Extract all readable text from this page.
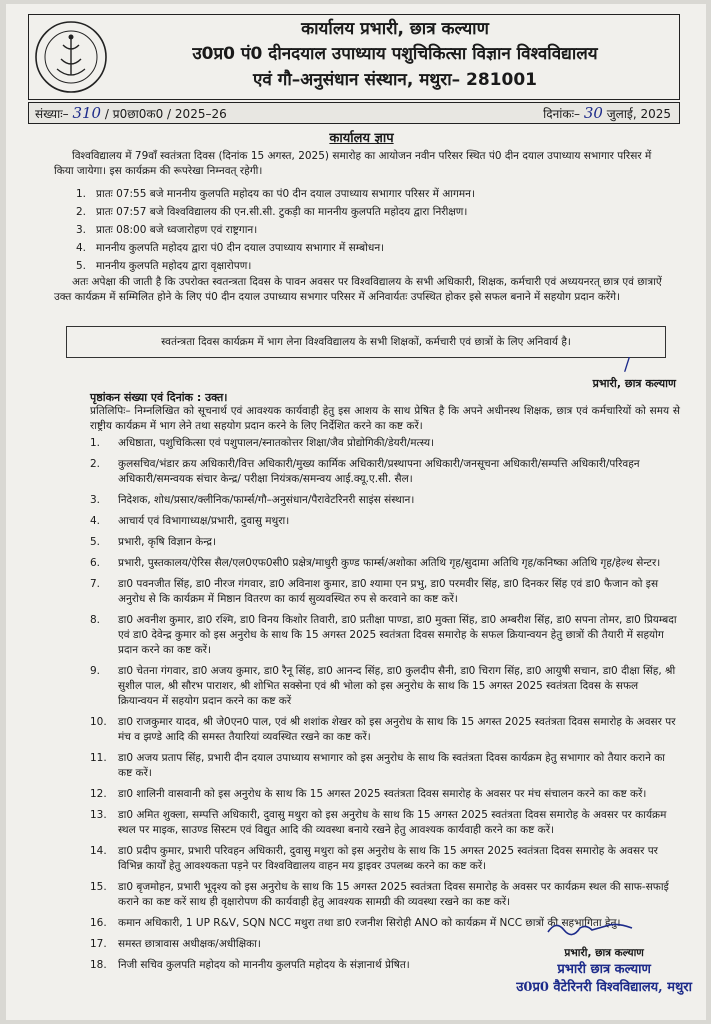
कार्यालय प्रभारी, छात्र कल्याण
उ0प्र0 पं0 दीनदयाल उपाध्याय पशुचिकित्सा विज्ञान विश्वविद्यालय
एवं गौ–अनुसंधान संस्थान, मथुरा– 281001
संख्याः– 310 / प्र0छा0क0 / 2025–26	दिनांकः– 30 जुलाई, 2025
कार्यालय ज्ञाप
विश्वविद्यालय में 79वाँ स्वतंत्रता दिवस (दिनांक 15 अगस्त, 2025) समारोह का आयोजन नवीन परिसर स्थित पं0 दीन दयाल उपाध्याय सभागार परिसर में किया जायेगा। इस कार्यक्रम की रूपरेखा निम्नवत् रहेगी।
1. प्रातः 07:55 बजे माननीय कुलपति महोदय का पं0 दीन दयाल उपाध्याय सभागार परिसर में आगमन।
2. प्रातः 07:57 बजे विश्वविद्यालय की एन.सी.सी. टुकड़ी का माननीय कुलपति महोदय द्वारा निरीक्षण।
3. प्रातः 08:00 बजे ध्वजारोहण एवं राष्ट्रगान।
4. माननीय कुलपति महोदय द्वारा पं0 दीन दयाल उपाध्याय सभागार में सम्बोधन।
5. माननीय कुलपति महोदय द्वारा वृक्षारोपण।
अतः अपेक्षा की जाती है कि उपरोक्त स्वतन्त्रता दिवस के पावन अवसर पर विश्वविद्यालय के सभी अधिकारी, शिक्षक, कर्मचारी एवं अध्ययनरत् छात्र एवं छात्राऐं उक्त कार्यक्रम में सम्मिलित होने के लिए पं0 दीन दयाल उपाध्याय सभगार परिसर में अनिवार्यतः उपस्थित होकर इसे सफल बनाने में सहयोग प्रदान करेंगे।
स्वतंन्त्रता दिवस कार्यक्रम में भाग लेना विश्वविद्यालय के सभी शिक्षकों, कर्मचारी एवं छात्रों के लिए अनिवार्य है।
/
प्रभारी, छात्र कल्याण
पृष्ठांकन संख्या एवं दिनांक : उक्त।
प्रतिलिपिः– निम्नलिखित को सूचनार्थ एवं आवश्यक कार्यवाही हेतु इस आशय के साथ प्रेषित है कि अपने अधीनस्थ शिक्षक, छात्र एवं कर्मचारियों को समय से राष्ट्रीय कार्यक्रम में भाग लेने तथा सहयोग प्रदान करने के लिए निर्देशित करने का कष्ट करें।
1. अधिष्ठाता, पशुचिकित्सा एवं पशुपालन/स्नातकोत्तर शिक्षा/जैव प्रोद्योगिकी/डेयरी/मत्स्य।
2. कुलसचिव/भंडार क्रय अधिकारी/वित्त अधिकारी/मुख्य कार्मिक अधिकारी/प्रस्थापना अधिकारी/जनसूचना अधिकारी/सम्पत्ति अधिकारी/परिवहन अधिकारी/समन्वयक संचार केन्द्र/ परीक्षा नियंत्रक/समन्वय आई.क्यू.ए.सी. सैल।
3. निदेशक, शोध/प्रसार/क्लीनिक/फार्म्स/गौ–अनुसंधान/पैरावेटरिनरी साइंस संस्थान।
4. आचार्य एवं विभागाध्यक्ष/प्रभारी, दुवासु मथुरा।
5. प्रभारी, कृषि विज्ञान केन्द्र।
6. प्रभारी, पुस्तकालय/ऐरिस सैल/एल0एफ0सी0 प्रक्षेत्र/माधुरी कुण्ड फार्म्स/अशोका अतिथि गृह/सुदामा अतिथि गृह/कनिष्का अतिथि गृह/हेल्थ सेन्टर।
7. डा0 पवनजीत सिंह, डा0 नीरज गंगवार, डा0 अविनाश कुमार, डा0 श्यामा एन प्रभु, डा0 परमवीर सिंह, डा0 दिनकर सिंह एवं डा0 फैजान को इस अनुरोध से कि कार्यक्रम में मिष्ठान वितरण का कार्य सुव्यवस्थित रुप से करवाने का कष्ट करें।
8. डा0 अवनीश कुमार, डा0 रश्मि, डा0 विनय किशोर तिवारी, डा0 प्रतीक्षा पाण्डा, डा0 मुक्ता सिंह, डा0 अम्बरीश सिंह, डा0 सपना तोमर, डा0 प्रियम्बदा एवं डा0 देवेन्द्र कुमार को इस अनुरोध के साथ कि 15 अगस्त 2025 स्वतंत्रता दिवस समारोह के सफल क्रियान्वयन हेतु छात्रों की तैयारी में सहयोग प्रदान करने का कष्ट करें।
9. डा0 चेतना गंगवार, डा0 अजय कुमार, डा0 रैनू सिंह, डा0 आनन्द सिंह, डा0 कुलदीप सैनी, डा0 चिराग सिंह, डा0 आयुषी सचान, डा0 दीक्षा सिंह, श्री सुशील पाल, श्री सौरभ पाराशर, श्री शोभित सक्सेना एवं श्री भोला को इस अनुरोध के साथ कि 15 अगस्त 2025 स्वतंत्रता दिवस के सफल क्रियान्वयन में सहयोग प्रदान करने का कष्ट करें
10. डा0 राजकुमार यादव, श्री जे0एन0 पाल, एवं श्री शशांक शेखर को इस अनुरोध के साथ कि 15 अगस्त 2025 स्वतंत्रता दिवस समारोह के अवसर पर मंच व झण्डे आदि की समस्त तैयारियां व्यवस्थित रखने का कष्ट करें।
11. डा0 अजय प्रताप सिंह, प्रभारी दीन दयाल उपाध्याय सभागार को इस अनुरोध के साथ कि स्वतंत्रता दिवस कार्यक्रम हेतु सभागार को तैयार कराने का कष्ट करें।
12. डा0 शालिनी वासवानी को इस अनुरोध के साथ कि 15 अगस्त 2025 स्वतंत्रता दिवस समारोह के अवसर पर मंच संचालन करने का कष्ट करें।
13. डा0 अमित शुक्ला, सम्पत्ति अधिकारी, दुवासु मथुरा को इस अनुरोध के साथ कि 15 अगस्त 2025 स्वतंत्रता दिवस समारोह के अवसर पर कार्यक्रम स्थल पर माइक, साउण्ड सिस्टम एवं विद्युत आदि की व्यवस्था बनाये रखने हेतु आवश्यक कार्यवाही करने का कष्ट करें।
14. डा0 प्रदीप कुमार, प्रभारी परिवहन अधिकारी, दुवासु मथुरा को इस अनुरोध के साथ कि 15 अगस्त 2025 स्वतंत्रता दिवस समारोह के अवसर पर विभिन्न कार्यों हेतु आवश्यकता पड़ने पर विश्वविद्यालय वाहन मय ड्राइवर उपलब्ध करने का कष्ट करें।
15. डा0 बृजमोहन, प्रभारी भूदृश्य को इस अनुरोध के साथ कि 15 अगस्त 2025 स्वतंत्रता दिवस समारोह के अवसर पर कार्यक्रम स्थल की साफ-सफाई कराने का कष्ट करें साथ ही वृक्षारोपण की कार्यवाही हेतु आवश्यक सामग्री की व्यवस्था रखने का कष्ट करें।
16. कमान अधिकारी, 1 UP R&V, SQN NCC मथुरा तथा डा0 रजनीश सिरोही ANO को कार्यक्रम में NCC छात्रों की सहभागिता हेतु।
17. समस्त छात्रावास अधीक्षक/अधीक्षिका।
18. निजी सचिव कुलपति महोदय को माननीय कुलपति महोदय के संज्ञानार्थ प्रेषित।
प्रभारी, छात्र कल्याण
प्रभारी छात्र कल्याण
उ0प्र0 वैटेरिनरी विश्वविद्यालय, मथुरा
